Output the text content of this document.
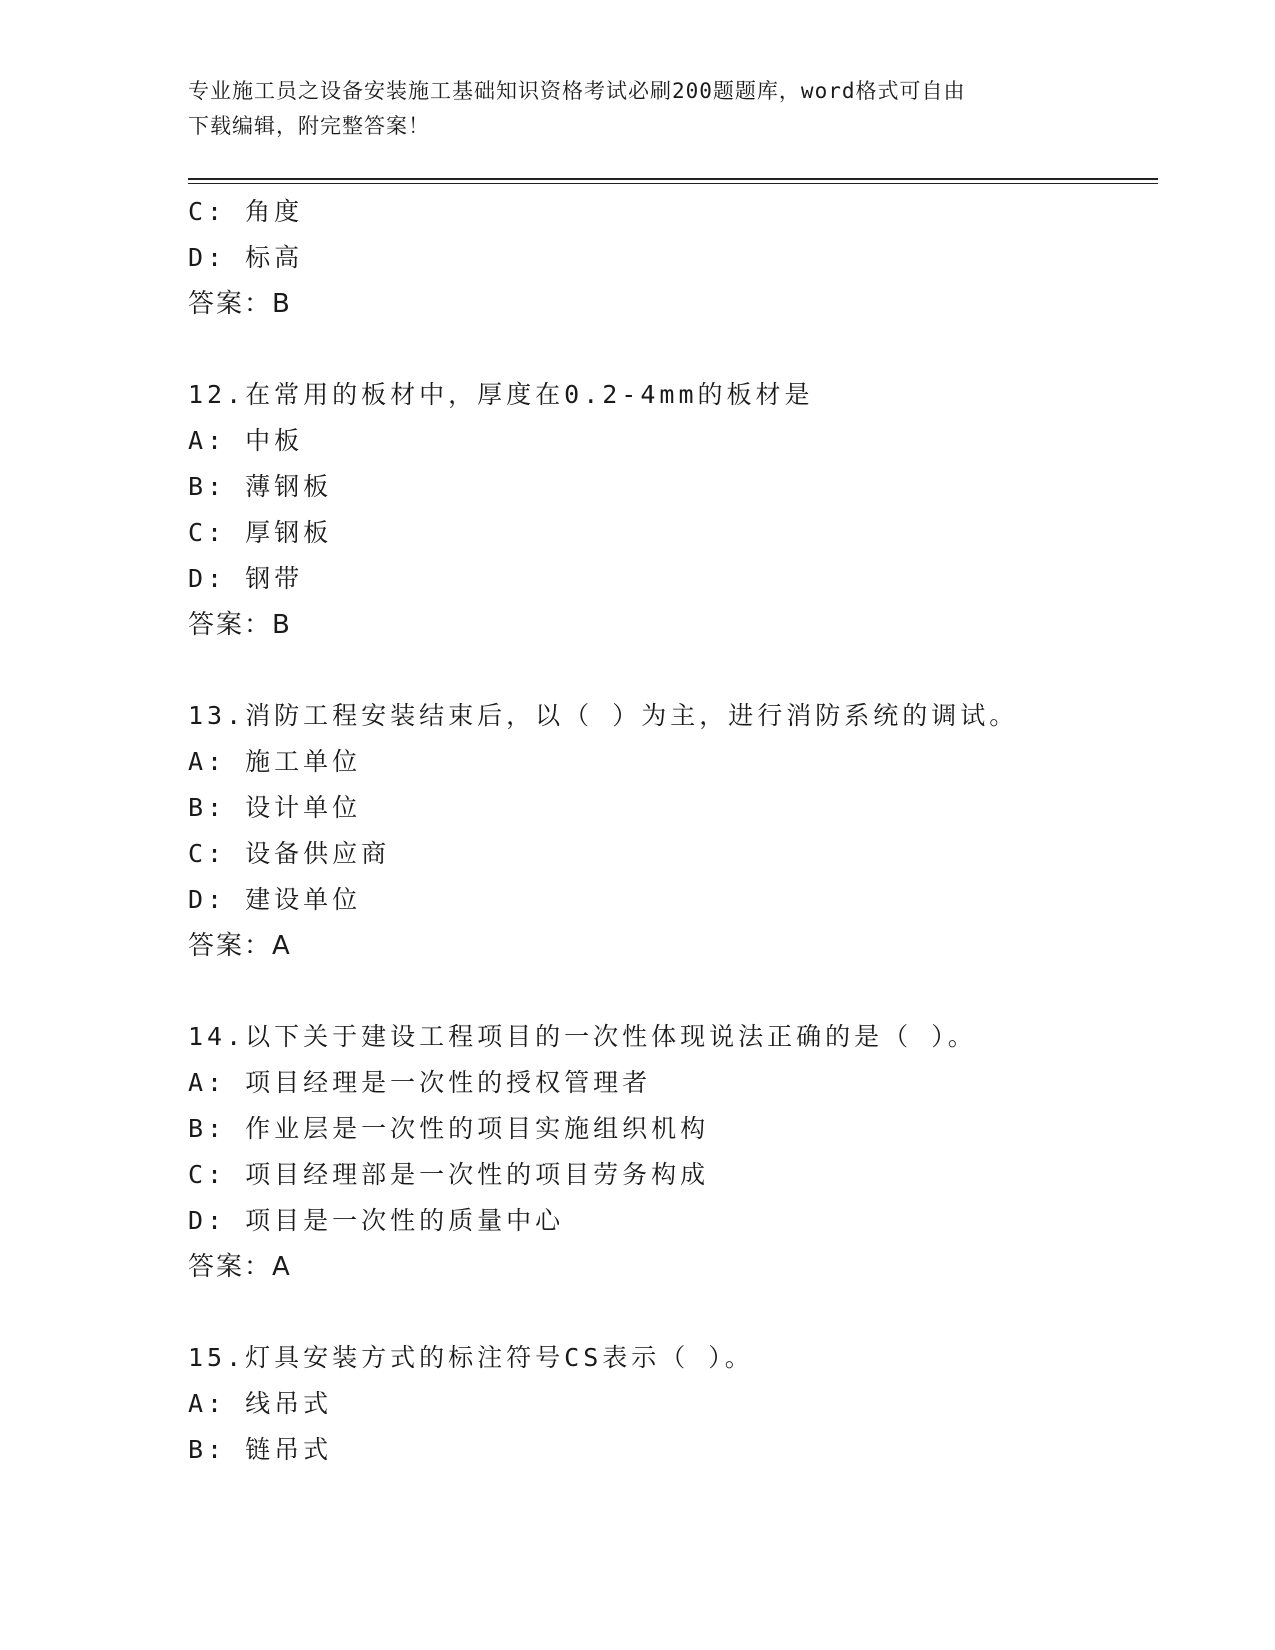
专业施工员之设备安装施工基础知识资格考试必刷200题题库，word格式可自由
下载编辑，附完整答案！
C: 角度
D: 标高
答案：B
12.在常用的板材中，厚度在0.2-4mm的板材是
A: 中板
B: 薄钢板
C: 厚钢板
D: 钢带
答案：B
13.消防工程安装结束后，以（ ）为主，进行消防系统的调试。
A: 施工单位
B: 设计单位
C: 设备供应商
D: 建设单位
答案：A
14.以下关于建设工程项目的一次性体现说法正确的是（ ）。
A: 项目经理是一次性的授权管理者
B: 作业层是一次性的项目实施组织机构
C: 项目经理部是一次性的项目劳务构成
D: 项目是一次性的质量中心
答案：A
15.灯具安装方式的标注符号CS表示（ ）。
A: 线吊式
B: 链吊式
